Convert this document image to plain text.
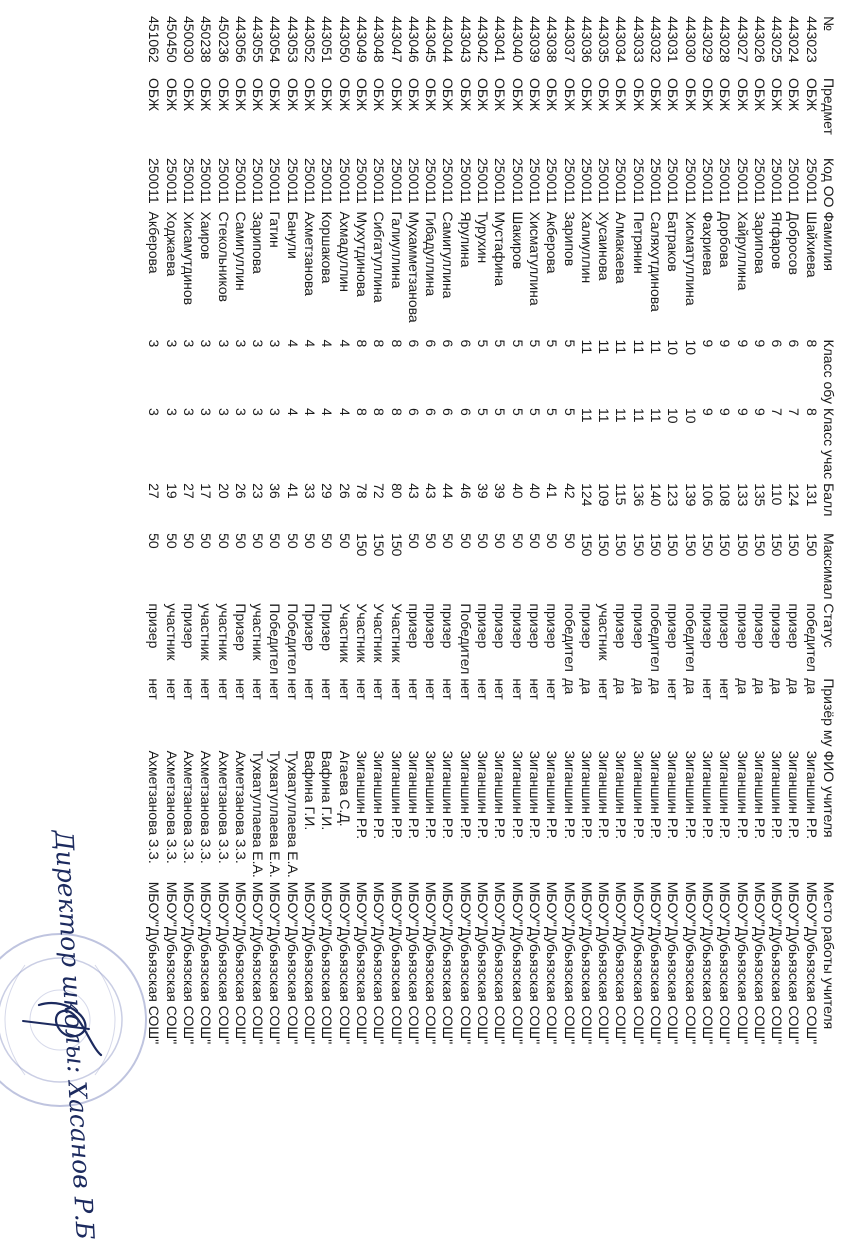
№	Предмет	Код ОО	Фамилия	Класс обу	Класс учас	Балл	Максимал	Статус	Призёр му	ФИО учителя	Место работы учителя
443023	ОБЖ	250011	Шайхиева	8	8	131	150	победител	да	Зиганшин Р.Р.	МБОУ"Дубьязская СОШ"
443024	ОБЖ	250011	Добросов	6	7	124	150	призер	да	Зиганшин Р.Р.	МБОУ"Дубьязская СОШ"
443025	ОБЖ	250011	Ягфаров	6	7	110	150	призер	да	Зиганшин Р.Р.	МБОУ"Дубьязская СОШ"
443026	ОБЖ	250011	Зарипова	9	9	135	150	призер	да	Зиганшин Р.Р.	МБОУ"Дубьязская СОШ"
443027	ОБЖ	250011	Хайруллина	9	9	133	150	призер	да	Зиганшин Р.Р.	МБОУ"Дубьязская СОШ"
443028	ОБЖ	250011	Дорбова	9	9	108	150	призер	нет	Зиганшин Р.Р.	МБОУ"Дубьязская СОШ"
443029	ОБЖ	250011	Фахриева	9	9	106	150	призер	нет	Зиганшин Р.Р.	МБОУ"Дубьязская СОШ"
443030	ОБЖ	250011	Хисматуллина	10	10	139	150	победител	да	Зиганшин Р.Р.	МБОУ"Дубьязская СОШ"
443031	ОБЖ	250011	Батраков	10	10	123	150	призер	нет	Зиганшин Р.Р.	МБОУ"Дубьязская СОШ"
443032	ОБЖ	250011	Саляхутдинова	11	11	140	150	победител	да	Зиганшин Р.Р.	МБОУ"Дубьязская СОШ"
443033	ОБЖ	250011	Петрянин	11	11	136	150	призер	да	Зиганшин Р.Р.	МБОУ"Дубьязская СОШ"
443034	ОБЖ	250011	Алмакаева	11	11	115	150	призер	да	Зиганшин Р.Р.	МБОУ"Дубьязская СОШ"
443035	ОБЖ	250011	Хусаинова	11	11	109	150	участник	нет	Зиганшин Р.Р.	МБОУ"Дубьязская СОШ"
443036	ОБЖ	250011	Халиуллин	11	11	124	150	призер	да	Зиганшин Р.Р.	МБОУ"Дубьязская СОШ"
443037	ОБЖ	250011	Зарипов	5	5	42	50	победител	да	Зиганшин Р.Р.	МБОУ"Дубьязская СОШ"
443038	ОБЖ	250011	Акберова	5	5	41	50	призер	нет	Зиганшин Р.Р.	МБОУ"Дубьязская СОШ"
443039	ОБЖ	250011	Хисматуллина	5	5	40	50	призер	нет	Зиганшин Р.Р.	МБОУ"Дубьязская СОШ"
443040	ОБЖ	250011	Шакиров	5	5	40	50	призер	нет	Зиганшин Р.Р.	МБОУ"Дубьязская СОШ"
443041	ОБЖ	250011	Мустафина	5	5	39	50	призер	нет	Зиганшин Р.Р.	МБОУ"Дубьязская СОШ"
443042	ОБЖ	250011	Турухин	5	5	39	50	призер	нет	Зиганшин Р.Р.	МБОУ"Дубьязская СОШ"
443043	ОБЖ	250011	Ярулина	6	6	46	50	Победител	нет	Зиганшин Р.Р.	МБОУ"Дубьязская СОШ"
443044	ОБЖ	250011	Самигуллина	6	6	44	50	призер	нет	Зиганшин Р.Р.	МБОУ"Дубьязская СОШ"
443045	ОБЖ	250011	Гибадуллина	6	6	43	50	призер	нет	Зиганшин Р.Р.	МБОУ"Дубьязская СОШ"
443046	ОБЖ	250011	Мухамметзанова	6	6	43	50	призер	нет	Зиганшин Р.Р.	МБОУ"Дубьязская СОШ"
443047	ОБЖ	250011	Галиуллина	8	8	80	150	Участник	нет	Зиганшин Р.Р.	МБОУ"Дубьязская СОШ"
443048	ОБЖ	250011	Сибгатуллина	8	8	72	150	Участник	нет	Зиганшин Р.Р.	МБОУ"Дубьязская СОШ"
443049	ОБЖ	250011	Мухутдинова	8	8	78	150	Участник	нет	Зиганшин Р.Р.	МБОУ"Дубьязская СОШ"
443050	ОБЖ	250011	Ахмадуллин	4	4	26	50	Участник	нет	Агаева С.Д.	МБОУ"Дубьязская СОШ"
443051	ОБЖ	250011	Коршакова	4	4	29	50	Призер	нет	Вафина Г.И.	МБОУ"Дубьязская СОШ"
443052	ОБЖ	250011	Ахметзанова	4	4	33	50	Призер	нет	Вафина Г.И.	МБОУ"Дубьязская СОШ"
443053	ОБЖ	250011	Банули	4	4	41	50	Победител	нет	Тухватуллаева Е.А.	МБОУ"Дубьязская СОШ"
443054	ОБЖ	250011	Гатин	3	3	36	50	Победител	нет	Тухватуллаева Е.А.	МБОУ"Дубьязская СОШ"
443055	ОБЖ	250011	Зарипова	3	3	23	50	участник	нет	Тухватуллаева Е.А.	МБОУ"Дубьязская СОШ"
443056	ОБЖ	250011	Самигуллин	3	3	26	50	Призер	нет	Ахметзанова З.З.	МБОУ"Дубьязская СОШ"
450236	ОБЖ	250011	Стекольников	3	3	20	50	участник	нет	Ахметзанова З.З.	МБОУ"Дубьязская СОШ"
450238	ОБЖ	250011	Хаиров	3	3	17	50	участник	нет	Ахметзанова З.З.	МБОУ"Дубьязская СОШ"
450030	ОБЖ	250011	Хисамутдинов	3	3	27	50	призер	нет	Ахметзанова З.З.	МБОУ"Дубьязская СОШ"
450450	ОБЖ	250011	Ходжаева	3	3	19	50	участник	нет	Ахметзанова З.З.	МБОУ"Дубьязская СОШ"
451062	ОБЖ	250011	Акберова	3	3	27	50	призер	нет	Ахметзанова З.З.	МБОУ"Дубьязская СОШ"
Директор школы: Хасанов Р.Б
